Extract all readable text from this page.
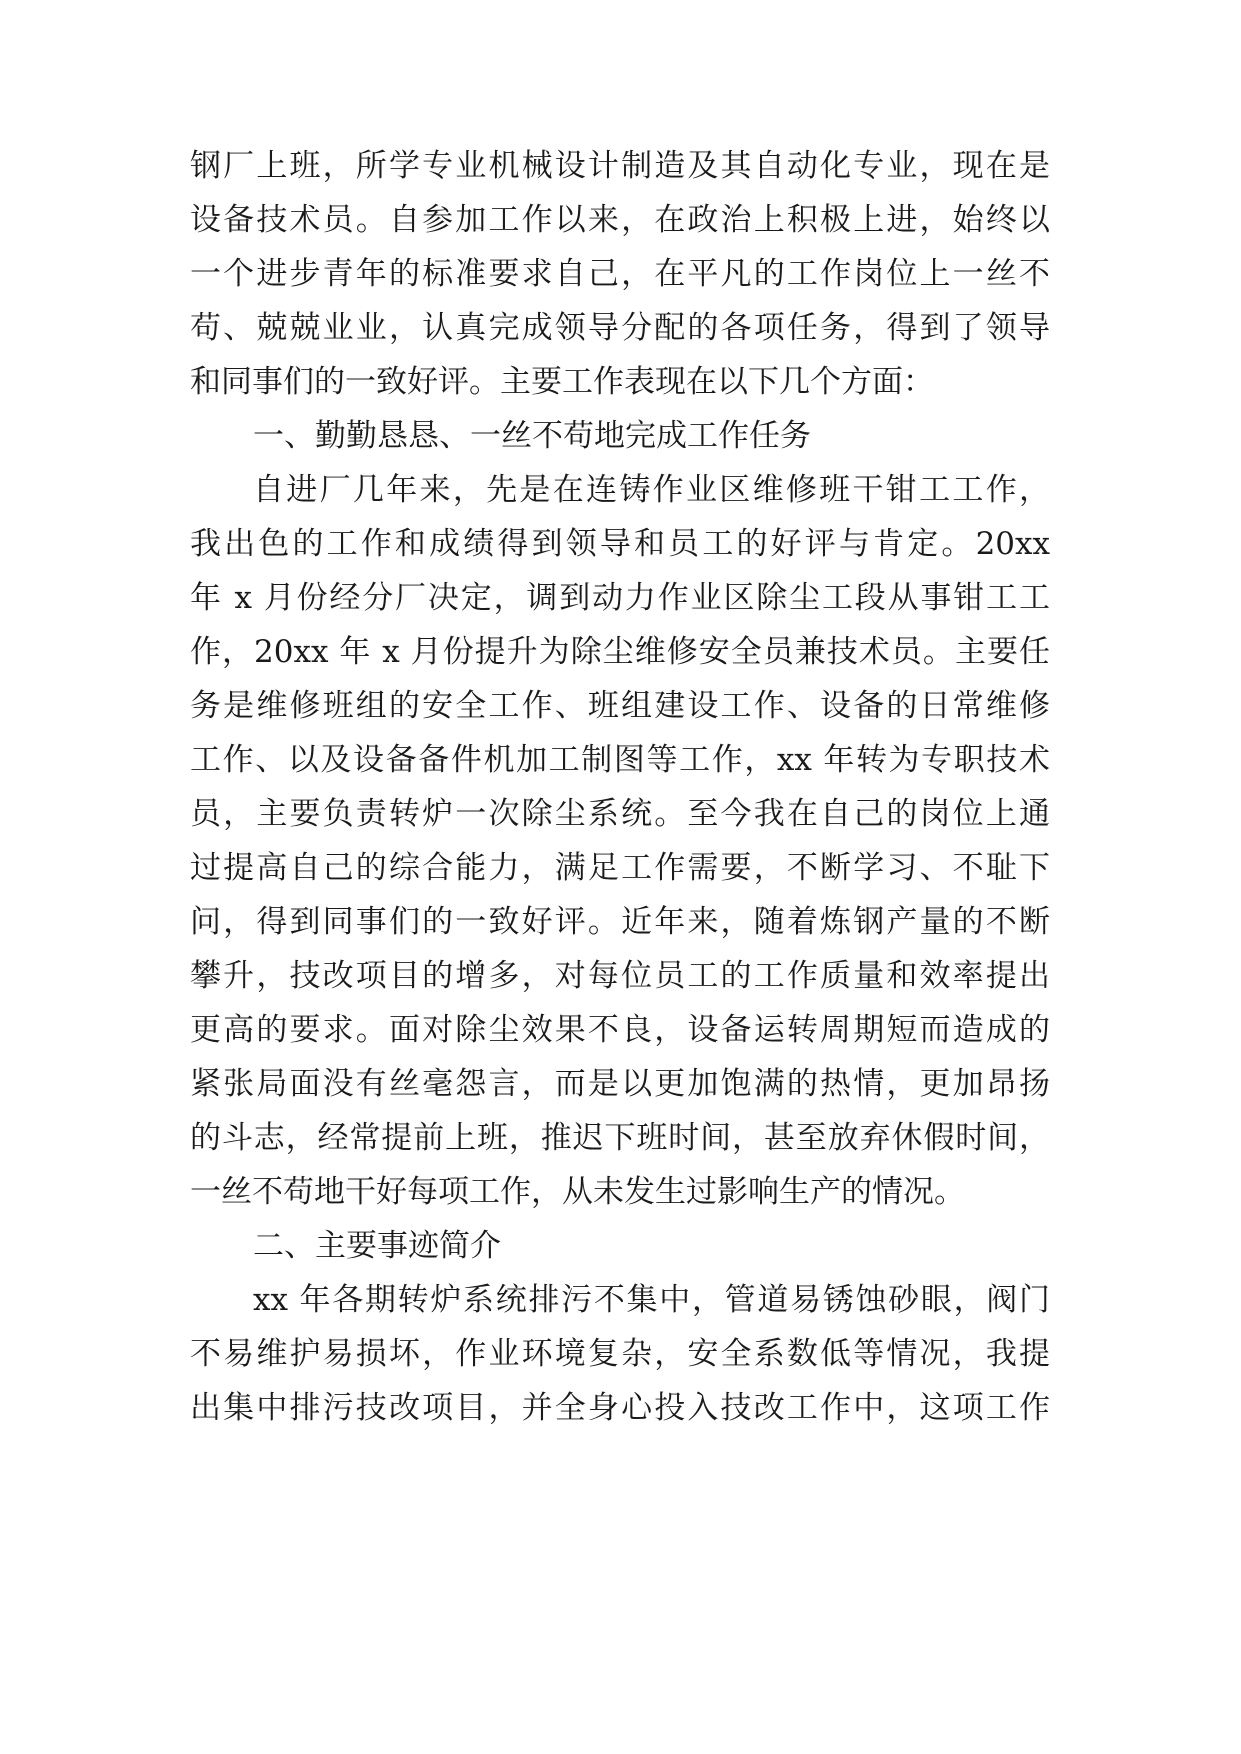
钢厂上班，所学专业机械设计制造及其自动化专业，现在是
设备技术员。自参加工作以来，在政治上积极上进，始终以
一个进步青年的标准要求自己，在平凡的工作岗位上一丝不
苟、兢兢业业，认真完成领导分配的各项任务，得到了领导
和同事们的一致好评。主要工作表现在以下几个方面：
一、勤勤恳恳、一丝不苟地完成工作任务
自进厂几年来，先是在连铸作业区维修班干钳工工作，
我出色的工作和成绩得到领导和员工的好评与肯定。20xx
年 x 月份经分厂决定，调到动力作业区除尘工段从事钳工工
作，20xx 年 x 月份提升为除尘维修安全员兼技术员。主要任
务是维修班组的安全工作、班组建设工作、设备的日常维修
工作、以及设备备件机加工制图等工作，xx 年转为专职技术
员，主要负责转炉一次除尘系统。至今我在自己的岗位上通
过提高自己的综合能力，满足工作需要，不断学习、不耻下
问，得到同事们的一致好评。近年来，随着炼钢产量的不断
攀升，技改项目的增多，对每位员工的工作质量和效率提出
更高的要求。面对除尘效果不良，设备运转周期短而造成的
紧张局面没有丝毫怨言，而是以更加饱满的热情，更加昂扬
的斗志，经常提前上班，推迟下班时间，甚至放弃休假时间，
一丝不苟地干好每项工作，从未发生过影响生产的情况。
二、主要事迹简介
xx 年各期转炉系统排污不集中，管道易锈蚀砂眼，阀门
不易维护易损坏，作业环境复杂，安全系数低等情况，我提
出集中排污技改项目，并全身心投入技改工作中，这项工作
